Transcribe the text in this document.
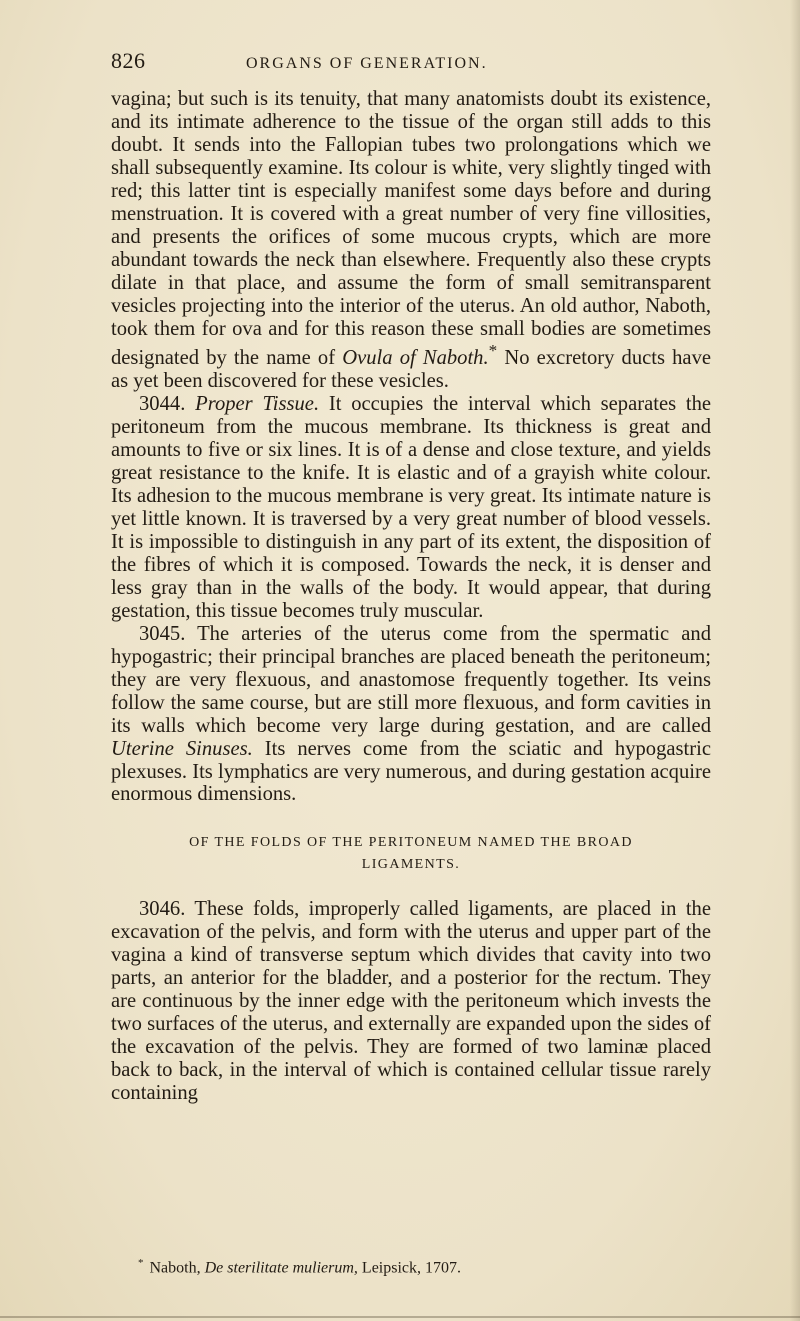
826	ORGANS OF GENERATION.

vagina; but such is its tenuity, that many anatomists doubt its existence, and its intimate adherence to the tissue of the organ still adds to this doubt. It sends into the Fallopian tubes two prolongations which we shall subsequently examine. Its colour is white, very slightly tinged with red; this latter tint is especially manifest some days before and during menstruation. It is covered with a great number of very fine villosities, and presents the orifices of some mucous crypts, which are more abundant towards the neck than elsewhere. Frequently also these crypts dilate in that place, and assume the form of small semitransparent vesicles projecting into the interior of the uterus. An old author, Naboth, took them for ova and for this reason these small bodies are sometimes designated by the name of Ovula of Naboth.* No excretory ducts have as yet been discovered for these vesicles.

3044. Proper Tissue. It occupies the interval which separates the peritoneum from the mucous membrane. Its thickness is great and amounts to five or six lines. It is of a dense and close texture, and yields great resistance to the knife. It is elastic and of a grayish white colour. Its adhesion to the mucous membrane is very great. Its intimate nature is yet little known. It is traversed by a very great number of blood vessels. It is impossible to distinguish in any part of its extent, the disposition of the fibres of which it is composed. Towards the neck, it is denser and less gray than in the walls of the body. It would appear, that during gestation, this tissue becomes truly muscular.

3045. The arteries of the uterus come from the spermatic and hypogastric; their principal branches are placed beneath the peritoneum; they are very flexuous, and anastomose frequently together. Its veins follow the same course, but are still more flexuous, and form cavities in its walls which become very large during gestation, and are called Uterine Sinuses. Its nerves come from the sciatic and hypogastric plexuses. Its lymphatics are very numerous, and during gestation acquire enormous dimensions.

OF THE FOLDS OF THE PERITONEUM NAMED THE BROAD
LIGAMENTS.

3046. These folds, improperly called ligaments, are placed in the excavation of the pelvis, and form with the uterus and upper part of the vagina a kind of transverse septum which divides that cavity into two parts, an anterior for the bladder, and a posterior for the rectum. They are continuous by the inner edge with the peritoneum which invests the two surfaces of the uterus, and externally are expanded upon the sides of the excavation of the pelvis. They are formed of two laminæ placed back to back, in the interval of which is contained cellular tissue rarely containing

* Naboth, De sterilitate mulierum, Leipsick, 1707.
